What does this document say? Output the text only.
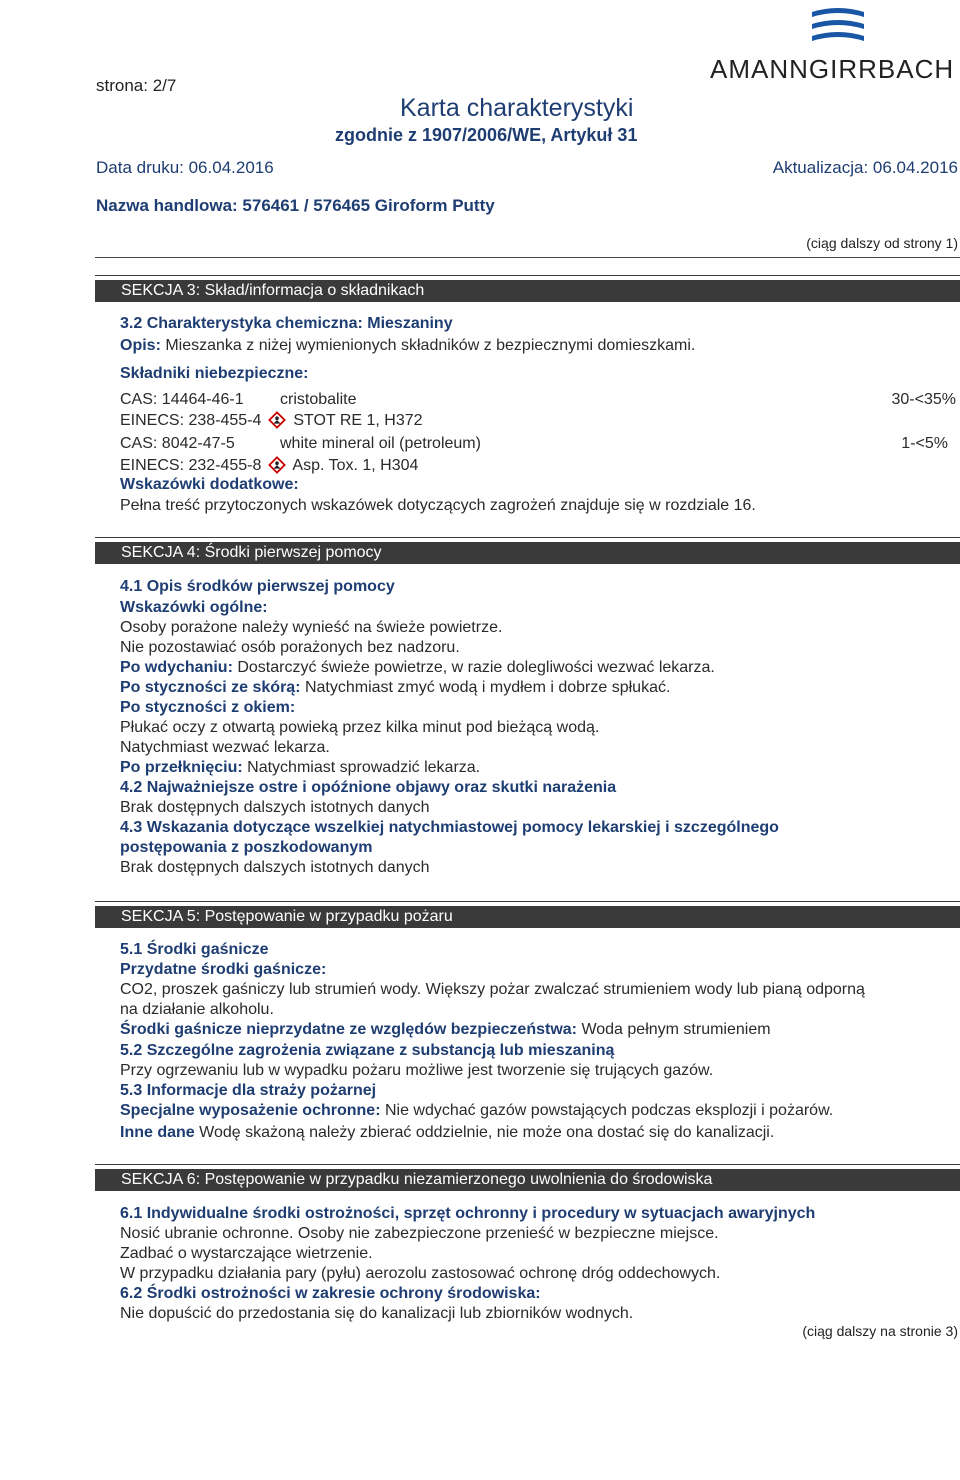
AMANNGIRRBACH
strona: 2/7
Karta charakterystyki
zgodnie z 1907/2006/WE, Artykuł 31
Data druku: 06.04.2016	Aktualizacja: 06.04.2016
Nazwa handlowa: 576461 / 576465 Giroform Putty
(ciąg dalszy od strony 1)
SEKCJA 3: Skład/informacja o składnikach
3.2 Charakterystyka chemiczna: Mieszaniny
Opis: Mieszanka z niżej wymienionych składników z bezpiecznymi domieszkami.
Składniki niebezpieczne:
CAS: 14464-46-1 cristobalite	30-<35%
EINECS: 238-455-4 STOT RE 1, H372
CAS: 8042-47-5	white mineral oil (petroleum)	1-<5%
EINECS: 232-455-8 Asp. Tox. 1, H304
Wskazówki dodatkowe:
Pełna treść przytoczonych wskazówek dotyczących zagrożeń znajduje się w rozdziale 16.
SEKCJA 4: Środki pierwszej pomocy
4.1 Opis środków pierwszej pomocy
Wskazówki ogólne:
Osoby porażone należy wynieść na świeże powietrze.
Nie pozostawiać osób porażonych bez nadzoru.
Po wdychaniu: Dostarczyć świeże powietrze, w razie dolegliwości wezwać lekarza.
Po styczności ze skórą: Natychmiast zmyć wodą i mydłem i dobrze spłukać.
Po styczności z okiem:
Płukać oczy z otwartą powieką przez kilka minut pod bieżącą wodą.
Natychmiast wezwać lekarza.
Po przełknięciu: Natychmiast sprowadzić lekarza.
4.2 Najważniejsze ostre i opóźnione objawy oraz skutki narażenia
Brak dostępnych dalszych istotnych danych
4.3 Wskazania dotyczące wszelkiej natychmiastowej pomocy lekarskiej i szczególnego
postępowania z poszkodowanym
Brak dostępnych dalszych istotnych danych
SEKCJA 5: Postępowanie w przypadku pożaru
5.1 Środki gaśnicze
Przydatne środki gaśnicze:
CO2, proszek gaśniczy lub strumień wody. Większy pożar zwalczać strumieniem wody lub pianą odporną
na działanie alkoholu.
Środki gaśnicze nieprzydatne ze względów bezpieczeństwa: Woda pełnym strumieniem
5.2 Szczególne zagrożenia związane z substancją lub mieszaniną
Przy ogrzewaniu lub w wypadku pożaru możliwe jest tworzenie się trujących gazów.
5.3 Informacje dla straży pożarnej
Specjalne wyposażenie ochronne: Nie wdychać gazów powstających podczas eksplozji i pożarów.
Inne dane Wodę skażoną należy zbierać oddzielnie, nie może ona dostać się do kanalizacji.
SEKCJA 6: Postępowanie w przypadku niezamierzonego uwolnienia do środowiska
6.1 Indywidualne środki ostrożności, sprzęt ochronny i procedury w sytuacjach awaryjnych
Nosić ubranie ochronne. Osoby nie zabezpieczone przenieść w bezpieczne miejsce.
Zadbać o wystarczające wietrzenie.
W przypadku działania pary (pyłu) aerozolu zastosować ochronę dróg oddechowych.
6.2 Środki ostrożności w zakresie ochrony środowiska:
Nie dopuścić do przedostania się do kanalizacji lub zbiorników wodnych.
(ciąg dalszy na stronie 3)
